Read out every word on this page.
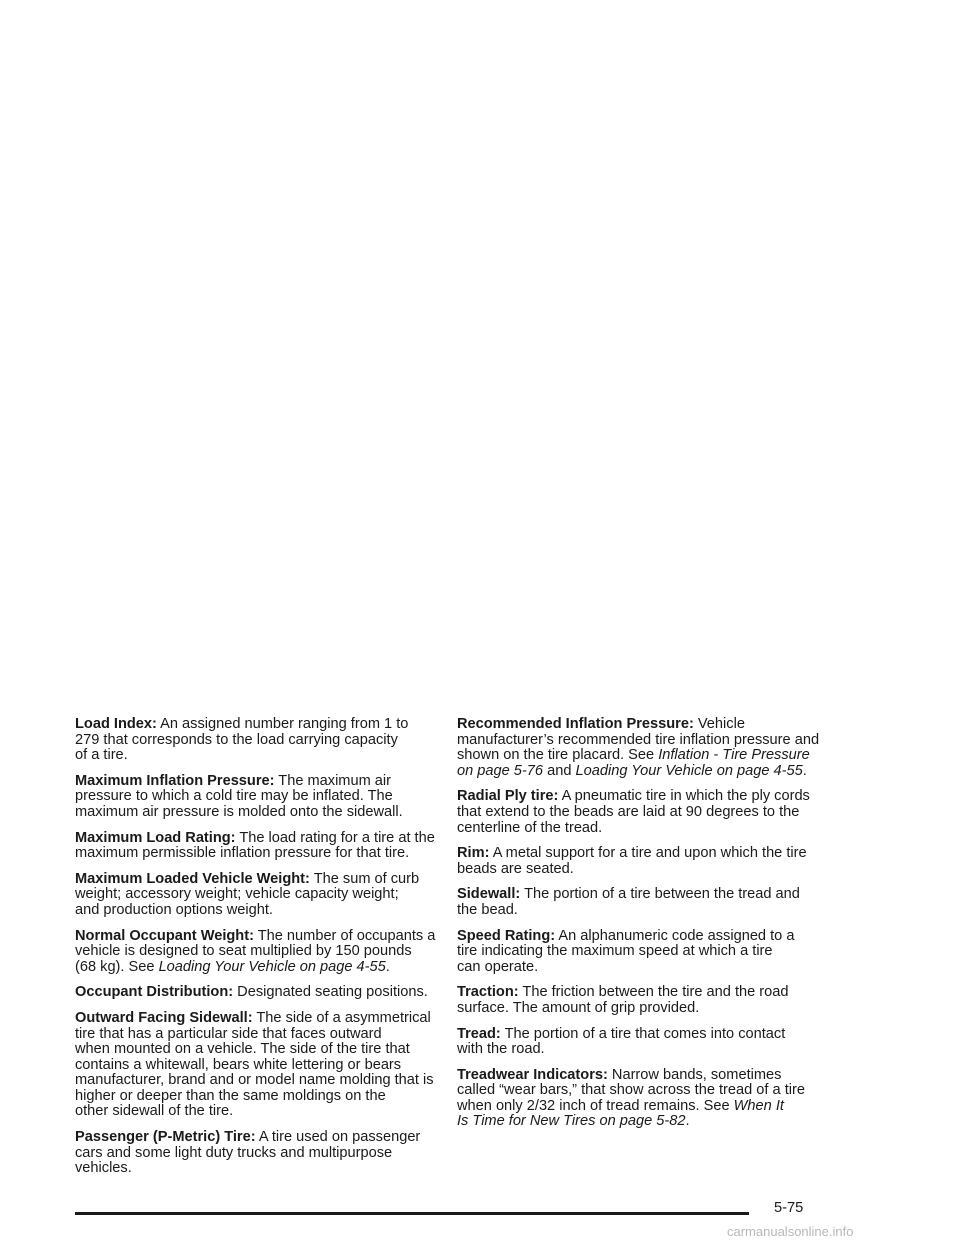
Load Index: An assigned number ranging from 1 to
279 that corresponds to the load carrying capacity
of a tire.

Maximum Inflation Pressure: The maximum air
pressure to which a cold tire may be inflated. The
maximum air pressure is molded onto the sidewall.

Maximum Load Rating: The load rating for a tire at the
maximum permissible inflation pressure for that tire.

Maximum Loaded Vehicle Weight: The sum of curb
weight; accessory weight; vehicle capacity weight;
and production options weight.

Normal Occupant Weight: The number of occupants a
vehicle is designed to seat multiplied by 150 pounds
(68 kg). See Loading Your Vehicle on page 4-55.

Occupant Distribution: Designated seating positions.

Outward Facing Sidewall: The side of a asymmetrical
tire that has a particular side that faces outward
when mounted on a vehicle. The side of the tire that
contains a whitewall, bears white lettering or bears
manufacturer, brand and or model name molding that is
higher or deeper than the same moldings on the
other sidewall of the tire.

Passenger (P-Metric) Tire: A tire used on passenger
cars and some light duty trucks and multipurpose
vehicles.

Recommended Inflation Pressure: Vehicle
manufacturer’s recommended tire inflation pressure and
shown on the tire placard. See Inflation - Tire Pressure
on page 5-76 and Loading Your Vehicle on page 4-55.

Radial Ply tire: A pneumatic tire in which the ply cords
that extend to the beads are laid at 90 degrees to the
centerline of the tread.

Rim: A metal support for a tire and upon which the tire
beads are seated.

Sidewall: The portion of a tire between the tread and
the bead.

Speed Rating: An alphanumeric code assigned to a
tire indicating the maximum speed at which a tire
can operate.

Traction: The friction between the tire and the road
surface. The amount of grip provided.

Tread: The portion of a tire that comes into contact
with the road.

Treadwear Indicators: Narrow bands, sometimes
called “wear bars,” that show across the tread of a tire
when only 2/32 inch of tread remains. See When It
Is Time for New Tires on page 5-82.

5-75
carmanualsonline.info
